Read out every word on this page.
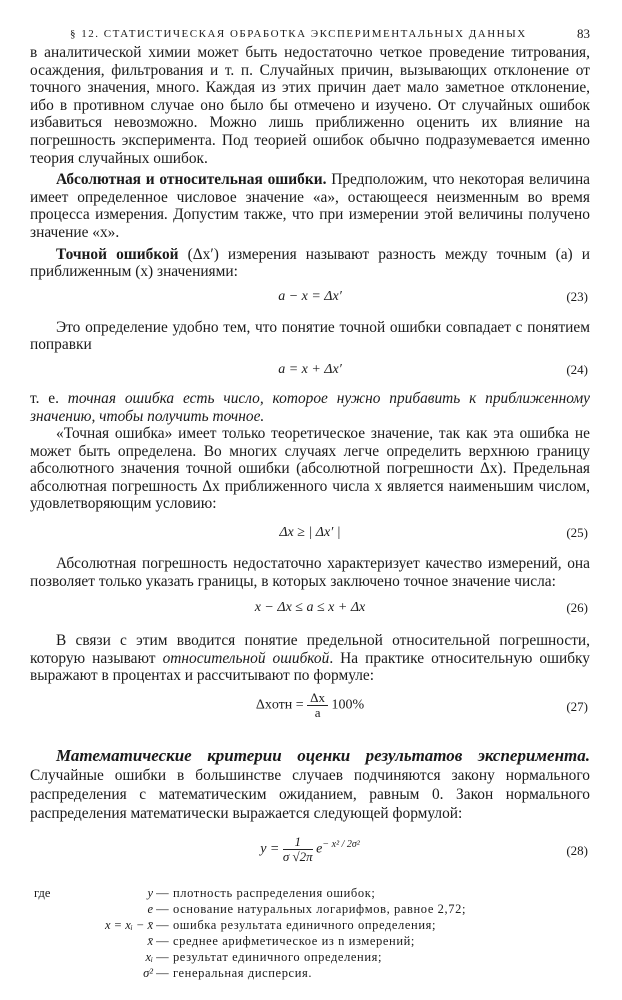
§ 12. СТАТИСТИЧЕСКАЯ ОБРАБОТКА ЭКСПЕРИМЕНТАЛЬНЫХ ДАННЫХ	83

в аналитической химии может быть недостаточно четкое проведение титрования, осаждения, фильтрования и т. п. Случайных причин, вызывающих отклонение от точного значения, много. Каждая из этих причин дает мало заметное отклонение, ибо в противном случае оно было бы отмечено и изучено. От случайных ошибок избавиться невозможно. Можно лишь приближенно оценить их влияние на погрешность эксперимента. Под теорией ошибок обычно подразумевается именно теория случайных ошибок.

Абсолютная и относительная ошибки. Предположим, что некоторая величина имеет определенное числовое значение «a», остающееся неизменным во время процесса измерения. Допустим также, что при измерении этой величины получено значение «x».

Точной ошибкой (Δx′) измерения называют разность между точным (a) и приближенным (x) значениями:

a − x = Δx′	(23)

Это определение удобно тем, что понятие точной ошибки совпадает с понятием поправки

a = x + Δx′	(24)

т. е. точная ошибка есть число, которое нужно прибавить к приближенному значению, чтобы получить точное.

«Точная ошибка» имеет только теоретическое значение, так как эта ошибка не может быть определена. Во многих случаях легче определить верхнюю границу абсолютного значения точной ошибки (абсолютной погрешности Δx). Предельная абсолютная погрешность Δx приближенного числа x является наименьшим числом, удовлетворяющим условию:

Δx ≥ | Δx′ |	(25)

Абсолютная погрешность недостаточно характеризует качество измерений, она позволяет только указать границы, в которых заключено точное значение числа:

x − Δx ≤ a ≤ x + Δx	(26)

В связи с этим вводится понятие предельной относительной погрешности, которую называют относительной ошибкой. На практике относительную ошибку выражают в процентах и рассчитывают по формуле:

Δxотн = $\frac{\Delta x}{a} 100\%$	(27)

Математические критерии оценки результатов эксперимента. Случайные ошибки в большинстве случаев подчиняются закону нормального распределения с математическим ожиданием, равным 0. Закон нормального распределения математически выражается следующей формулой:

$y = \frac{1}{\sigma √2\pi} e^{- x^2 / 2\sigma^2}$	(28)
где	y — плотность распределения ошибок;
e — основание натуральных логарифмов, равное 2,72;
x = xᵢ − x̄ — ошибка результата единичного определения;
x̄ — среднее арифметическое из n измерений;
xᵢ — результат единичного определения;
σ² — генеральная дисперсия.
